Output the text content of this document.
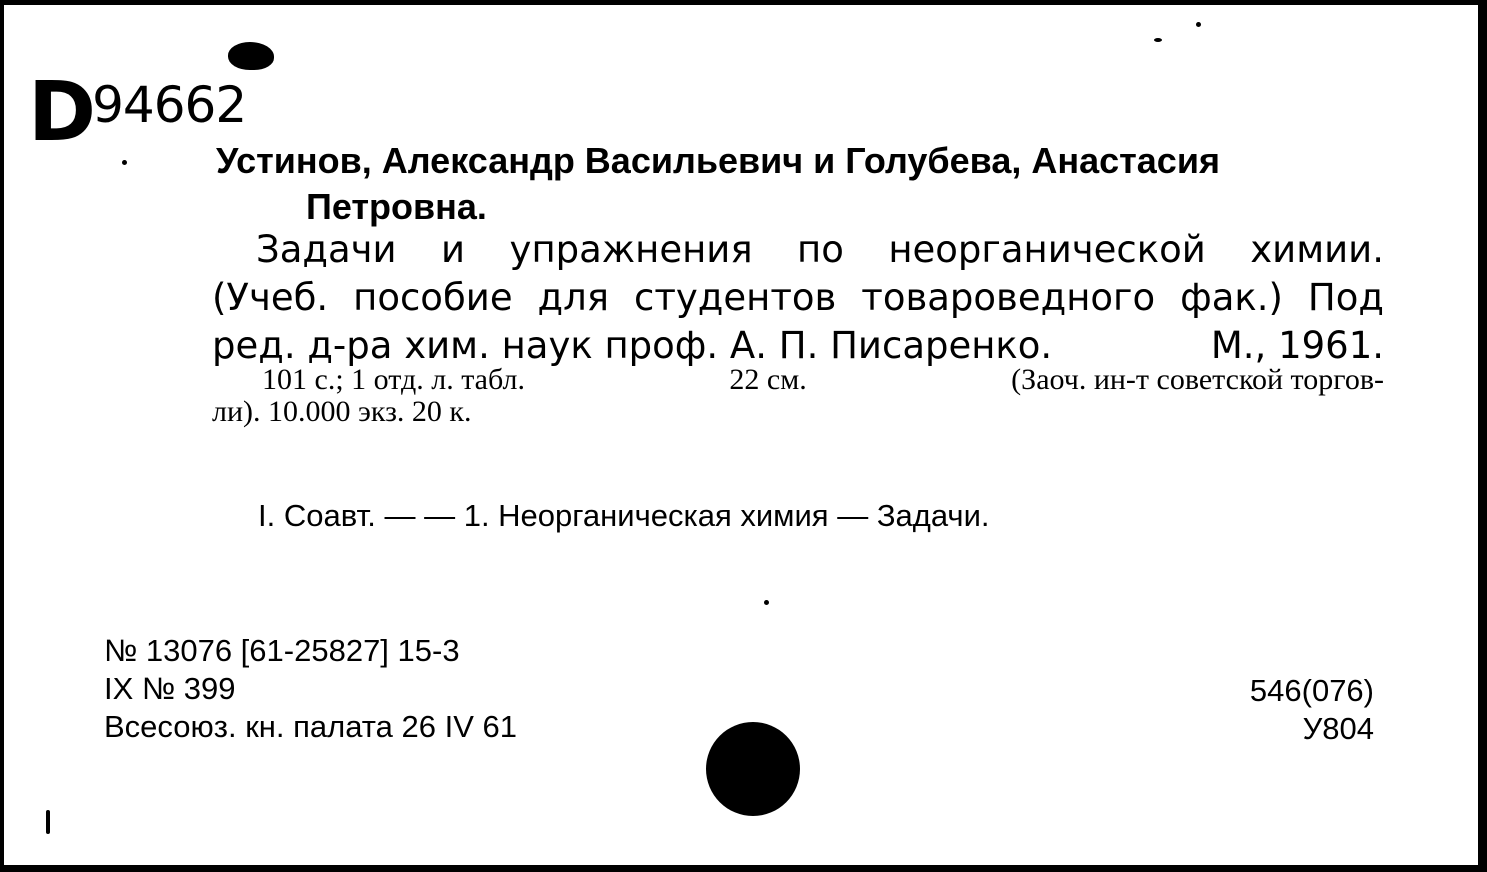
D94662
Устинов, Александр Васильевич и Голубева, Анастасия
Петровна.
Задачи и упражнения по неорганической химии.
(Учеб. пособие для студентов товароведного фак.) Под
ред. д-ра хим. наук проф. А. П. Писаренко.	М., 1961.
101 с.; 1 отд. л. табл.	22 см.	(Заоч. ин-т советской торгов-
ли). 10.000 экз. 20 к.
I. Соавт. — — 1. Неорганическая химия — Задачи.
№ 13076 [61-25827] 15-3
IX № 399
Всесоюз. кн. палата 26 IV 61
546(076)
У804
